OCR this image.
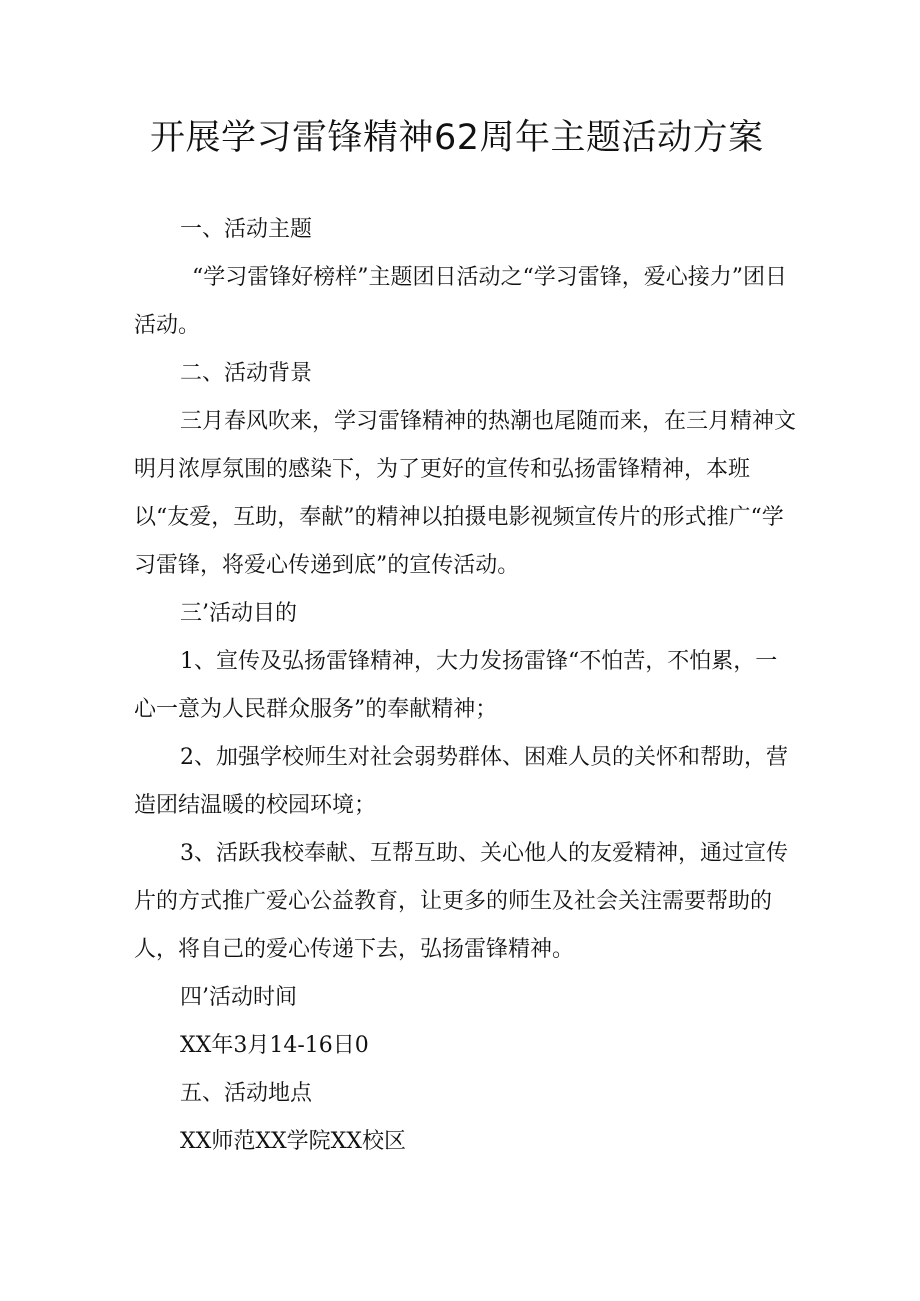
开展学习雷锋精神62周年主题活动方案

一、活动主题

“学习雷锋好榜样”主题团日活动之“学习雷锋，爱心接力”团日活动。

二、活动背景

三月春风吹来，学习雷锋精神的热潮也尾随而来，在三月精神文明月浓厚氛围的感染下，为了更好的宣传和弘扬雷锋精神，本班以“友爱，互助，奉献”的精神以拍摄电影视频宣传片的形式推广“学习雷锋，将爱心传递到底”的宣传活动。

三’活动目的

1、宣传及弘扬雷锋精神，大力发扬雷锋“不怕苦，不怕累，一心一意为人民群众服务”的奉献精神；

2、加强学校师生对社会弱势群体、困难人员的关怀和帮助，营造团结温暖的校园环境；

3、活跃我校奉献、互帮互助、关心他人的友爱精神，通过宣传片的方式推广爱心公益教育，让更多的师生及社会关注需要帮助的人，将自己的爱心传递下去，弘扬雷锋精神。

四’活动时间

XX年3月14-16日0

五、活动地点

XX师范XX学院XX校区
